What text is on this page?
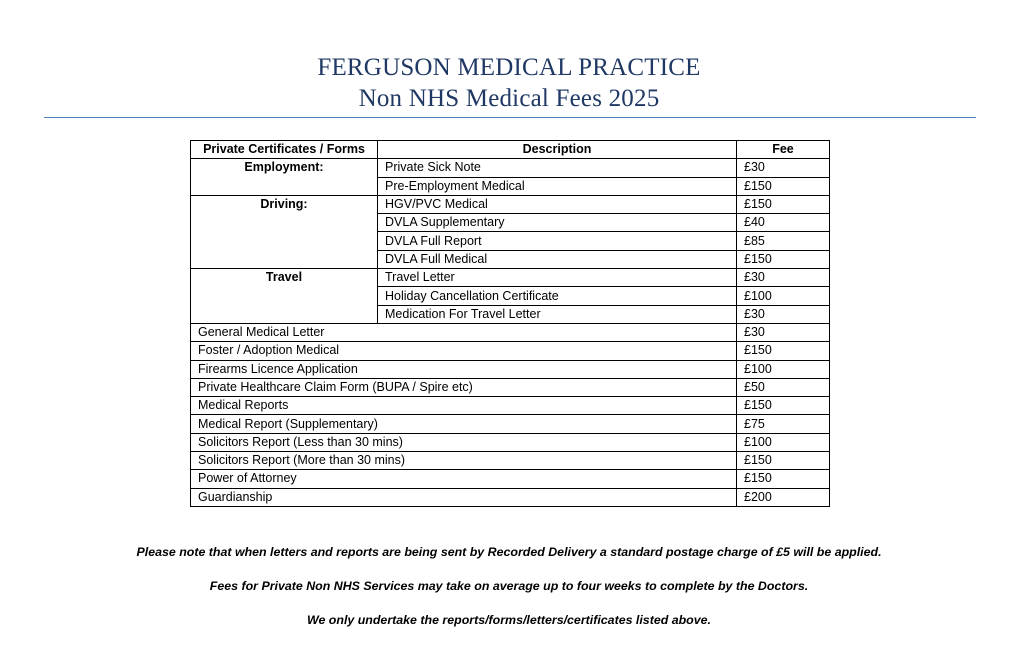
FERGUSON MEDICAL PRACTICE
Non NHS Medical Fees 2025
Private Certificates / Forms	Description	Fee
Employment:	Private Sick Note	£30
	Pre-Employment Medical	£150
Driving:	HGV/PVC Medical	£150
	DVLA Supplementary	£40
	DVLA Full Report	£85
	DVLA Full Medical	£150
Travel	Travel Letter	£30
	Holiday Cancellation Certificate	£100
	Medication For Travel Letter	£30
General Medical Letter		£30
Foster / Adoption Medical		£150
Firearms Licence Application		£100
Private Healthcare Claim Form (BUPA / Spire etc)		£50
Medical Reports		£150
Medical Report (Supplementary)		£75
Solicitors Report (Less than 30 mins)		£100
Solicitors Report (More than 30 mins)		£150
Power of Attorney		£150
Guardianship		£200
Please note that when letters and reports are being sent by Recorded Delivery a standard postage charge of £5 will be applied.
Fees for Private Non NHS Services may take on average up to four weeks to complete by the Doctors.
We only undertake the reports/forms/letters/certificates listed above.
